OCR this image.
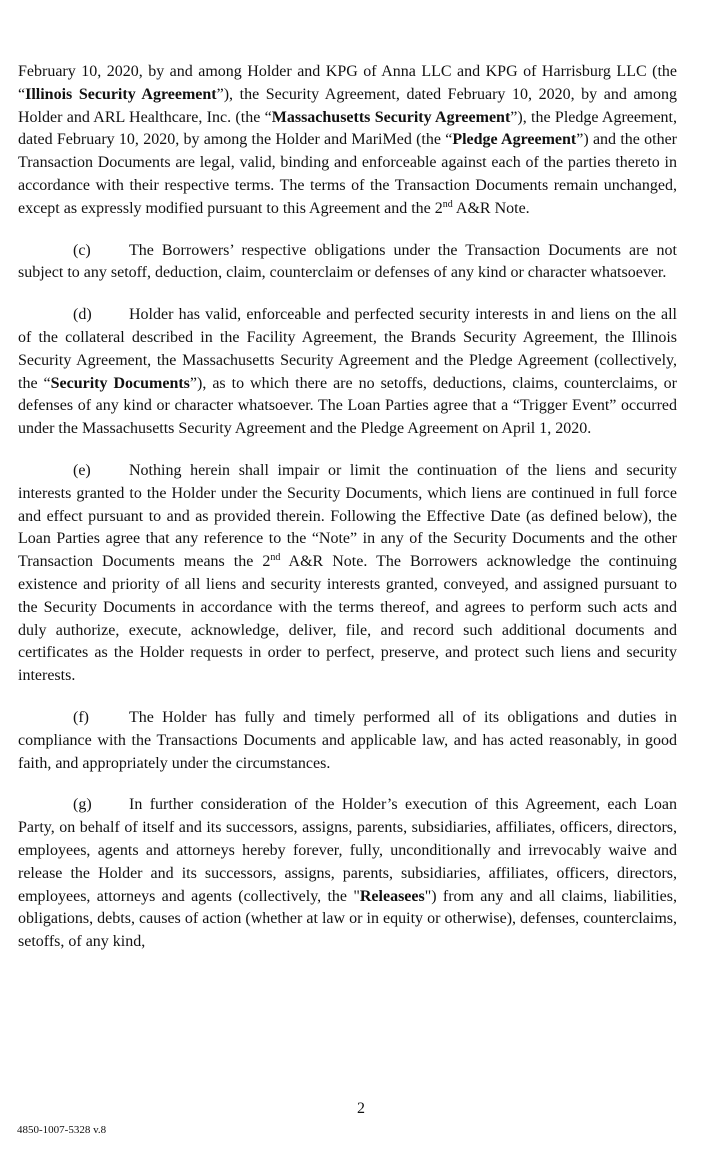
February 10, 2020, by and among Holder and KPG of Anna LLC and KPG of Harrisburg LLC (the “Illinois Security Agreement”), the Security Agreement, dated February 10, 2020, by and among Holder and ARL Healthcare, Inc. (the “Massachusetts Security Agreement”), the Pledge Agreement, dated February 10, 2020, by among the Holder and MariMed (the “Pledge Agreement”) and the other Transaction Documents are legal, valid, binding and enforceable against each of the parties thereto in accordance with their respective terms. The terms of the Transaction Documents remain unchanged, except as expressly modified pursuant to this Agreement and the 2nd A&R Note.

(c) The Borrowers’ respective obligations under the Transaction Documents are not subject to any setoff, deduction, claim, counterclaim or defenses of any kind or character whatsoever.

(d) Holder has valid, enforceable and perfected security interests in and liens on the all of the collateral described in the Facility Agreement, the Brands Security Agreement, the Illinois Security Agreement, the Massachusetts Security Agreement and the Pledge Agreement (collectively, the “Security Documents”), as to which there are no setoffs, deductions, claims, counterclaims, or defenses of any kind or character whatsoever. The Loan Parties agree that a “Trigger Event” occurred under the Massachusetts Security Agreement and the Pledge Agreement on April 1, 2020.

(e) Nothing herein shall impair or limit the continuation of the liens and security interests granted to the Holder under the Security Documents, which liens are continued in full force and effect pursuant to and as provided therein. Following the Effective Date (as defined below), the Loan Parties agree that any reference to the “Note” in any of the Security Documents and the other Transaction Documents means the 2nd A&R Note. The Borrowers acknowledge the continuing existence and priority of all liens and security interests granted, conveyed, and assigned pursuant to the Security Documents in accordance with the terms thereof, and agrees to perform such acts and duly authorize, execute, acknowledge, deliver, file, and record such additional documents and certificates as the Holder requests in order to perfect, preserve, and protect such liens and security interests.

(f)	The Holder has fully and timely performed all of its obligations and duties in compliance with the Transactions Documents and applicable law, and has acted reasonably, in good faith, and appropriately under the circumstances.

(g) In further consideration of the Holder’s execution of this Agreement, each Loan Party, on behalf of itself and its successors, assigns, parents, subsidiaries, affiliates, officers, directors, employees, agents and attorneys hereby forever, fully, unconditionally and irrevocably waive and release the Holder and its successors, assigns, parents, subsidiaries, affiliates, officers, directors, employees, attorneys and agents (collectively, the "Releasees") from any and all claims, liabilities, obligations, debts, causes of action (whether at law or in equity or otherwise), defenses, counterclaims, setoffs, of any kind,

2
4850-1007-5328 v.8
